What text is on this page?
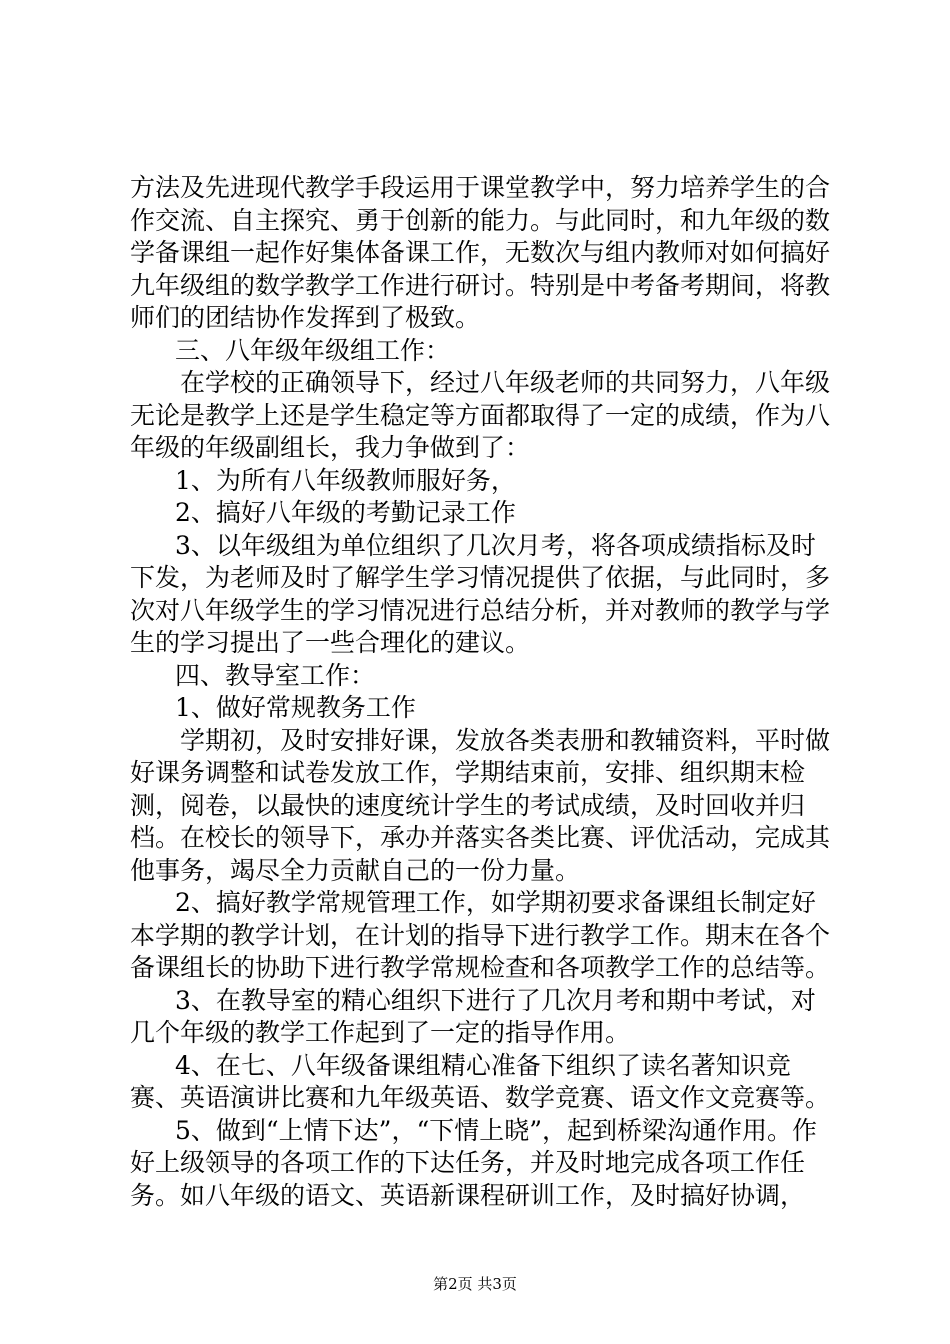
方法及先进现代教学手段运用于课堂教学中，努力培养学生的合作交流、自主探究、勇于创新的能力。与此同时，和九年级的数学备课组一起作好集体备课工作，无数次与组内教师对如何搞好九年级组的数学教学工作进行研讨。特别是中考备考期间，将教师们的团结协作发挥到了极致。

三、八年级年级组工作：

在学校的正确领导下，经过八年级老师的共同努力，八年级无论是教学上还是学生稳定等方面都取得了一定的成绩，作为八年级的年级副组长，我力争做到了：

1、为所有八年级教师服好务，

2、搞好八年级的考勤记录工作

3、以年级组为单位组织了几次月考，将各项成绩指标及时下发，为老师及时了解学生学习情况提供了依据，与此同时，多次对八年级学生的学习情况进行总结分析，并对教师的教学与学生的学习提出了一些合理化的建议。

四、教导室工作：

1、做好常规教务工作

学期初，及时安排好课，发放各类表册和教辅资料，平时做好课务调整和试卷发放工作，学期结束前，安排、组织期末检测，阅卷，以最快的速度统计学生的考试成绩，及时回收并归档。在校长的领导下，承办并落实各类比赛、评优活动，完成其他事务，竭尽全力贡献自己的一份力量。

2、搞好教学常规管理工作，如学期初要求备课组长制定好本学期的教学计划，在计划的指导下进行教学工作。期末在各个备课组长的协助下进行教学常规检查和各项教学工作的总结等。

3、在教导室的精心组织下进行了几次月考和期中考试，对几个年级的教学工作起到了一定的指导作用。

4、在七、八年级备课组精心准备下组织了读名著知识竞赛、英语演讲比赛和九年级英语、数学竞赛、语文作文竞赛等。

5、做到“上情下达”，“下情上晓”，起到桥梁沟通作用。作好上级领导的各项工作的下达任务，并及时地完成各项工作任务。如八年级的语文、英语新课程研训工作，及时搞好协调，

第2页 共3页
